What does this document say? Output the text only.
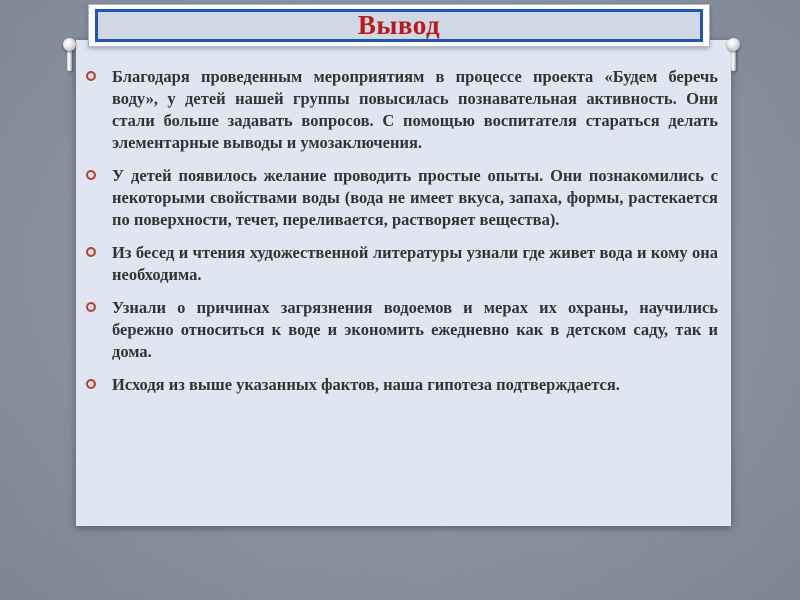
Вывод
Благодаря проведенным мероприятиям в процессе проекта «Будем беречь воду», у детей нашей группы повысилась познавательная активность. Они стали больше задавать вопросов. С помощью воспитателя стараться делать элементарные выводы и умозаключения.
У детей появилось желание проводить простые опыты. Они познакомились с некоторыми свойствами воды (вода не имеет вкуса, запаха, формы, растекается по поверхности, течет, переливается, растворяет вещества).
Из бесед и чтения художественной литературы узнали где живет вода и кому она необходима.
Узнали о причинах загрязнения водоемов и мерах их охраны, научились бережно относиться к воде и экономить ежедневно как в детском саду, так и дома.
Исходя из выше указанных фактов, наша гипотеза подтверждается.
